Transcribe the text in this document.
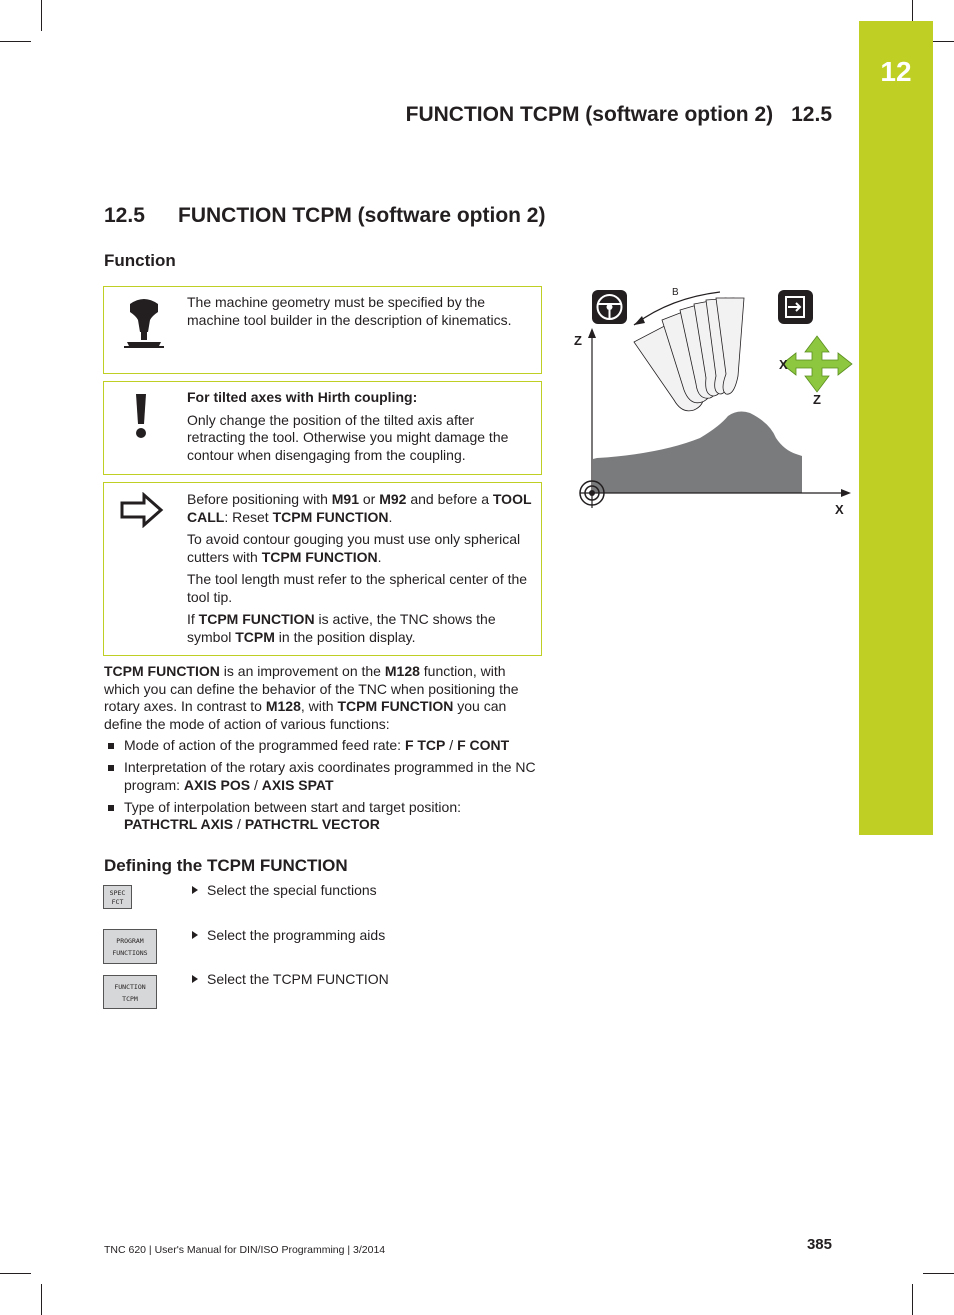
12
FUNCTION TCPM (software option 2) 12.5
12.5 FUNCTION TCPM (software option 2)
Function

The machine geometry must be specified by the machine tool builder in the description of kinematics.

For tilted axes with Hirth coupling:

Only change the position of the tilted axis after retracting the tool. Otherwise you might damage the contour when disengaging from the coupling.

Before positioning with M91 or M92 and before a TOOL CALL: Reset TCPM FUNCTION.

To avoid contour gouging you must use only spherical cutters with TCPM FUNCTION.

The tool length must refer to the spherical center of the tool tip.

If TCPM FUNCTION is active, the TNC shows the symbol TCPM in the position display.

TCPM FUNCTION is an improvement on the M128 function, with which you can define the behavior of the TNC when positioning the rotary axes. In contrast to M128, with TCPM FUNCTION you can define the mode of action of various functions:

Mode of action of the programmed feed rate: F TCP / F CONT
Interpretation of the rotary axis coordinates programmed in the NC program: AXIS POS / AXIS SPAT
Type of interpolation between start and target position:
PATHCTRL AXIS / PATHCTRL VECTOR
Defining the TCPM FUNCTION
SPEC
FCT
Select the special functions
PROGRAM
FUNCTIONS
Select the programming aids
FUNCTION
TCPM
Select the TCPM FUNCTION
Z
X
B
X
Z
TNC 620 | User's Manual for DIN/ISO Programming | 3/2014	385
